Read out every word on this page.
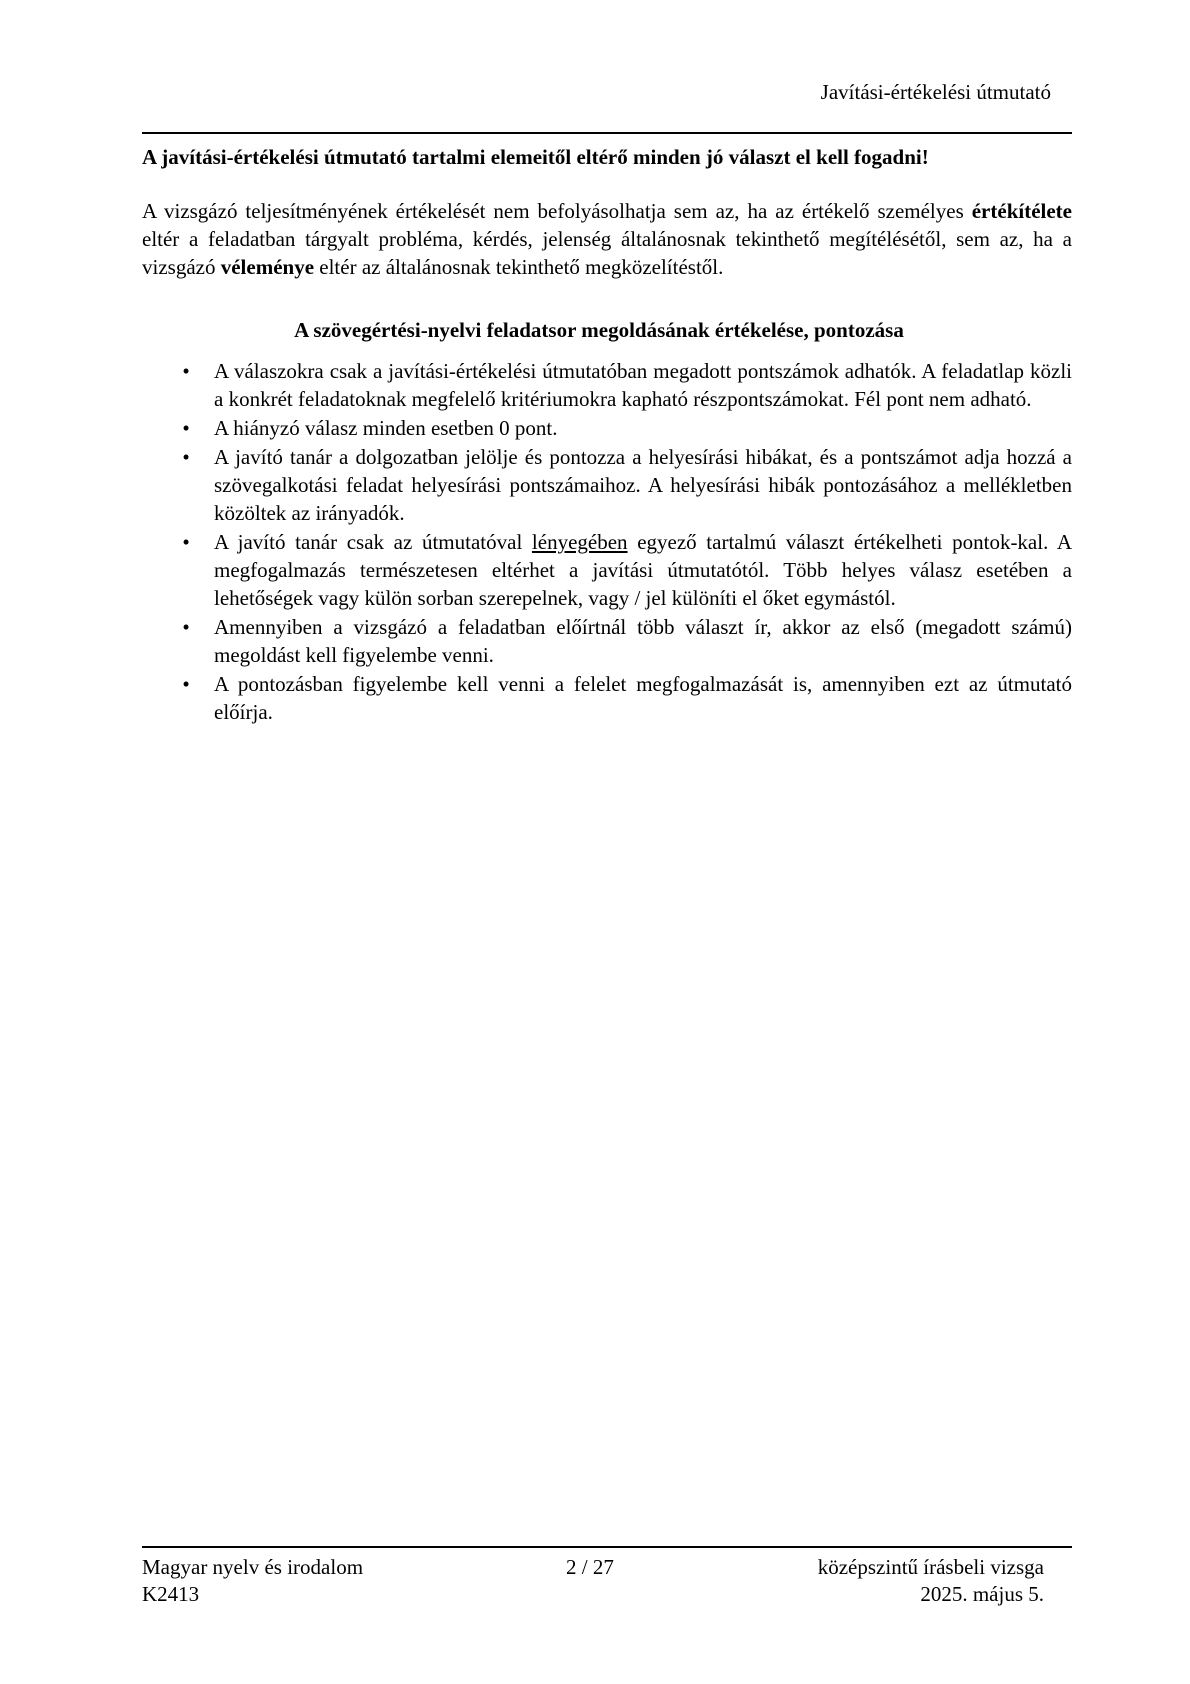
Javítási-értékelési útmutató

A javítási-értékelési útmutató tartalmi elemeitől eltérő minden jó választ el kell fogadni!

A vizsgázó teljesítményének értékelését nem befolyásolhatja sem az, ha az értékelő személyes értékítélete eltér a feladatban tárgyalt probléma, kérdés, jelenség általánosnak tekinthető megítélésétől, sem az, ha a vizsgázó véleménye eltér az általánosnak tekinthető megközelítéstől.

A szövegértési-nyelvi feladatsor megoldásának értékelése, pontozása

• A válaszokra csak a javítási-értékelési útmutatóban megadott pontszámok adhatók. A feladatlap közli a konkrét feladatoknak megfelelő kritériumokra kapható részpontszámokat. Fél pont nem adható.
• A hiányzó válasz minden esetben 0 pont.
• A javító tanár a dolgozatban jelölje és pontozza a helyesírási hibákat, és a pontszámot adja hozzá a szövegalkotási feladat helyesírási pontszámaihoz. A helyesírási hibák pontozásához a mellékletben közöltek az irányadók.
• A javító tanár csak az útmutatóval lényegében egyező tartalmú választ értékelheti pontok-kal. A megfogalmazás természetesen eltérhet a javítási útmutatótól. Több helyes válasz esetében a lehetőségek vagy külön sorban szerepelnek, vagy / jel különíti el őket egymástól.
• Amennyiben a vizsgázó a feladatban előírtnál több választ ír, akkor az első (megadott számú) megoldást kell figyelembe venni.
• A pontozásban figyelembe kell venni a felelet megfogalmazását is, amennyiben ezt az útmutató előírja.
Magyar nyelv és irodalom
K2413
2 / 27	középszintű írásbeli vizsga
2025. május 5.
